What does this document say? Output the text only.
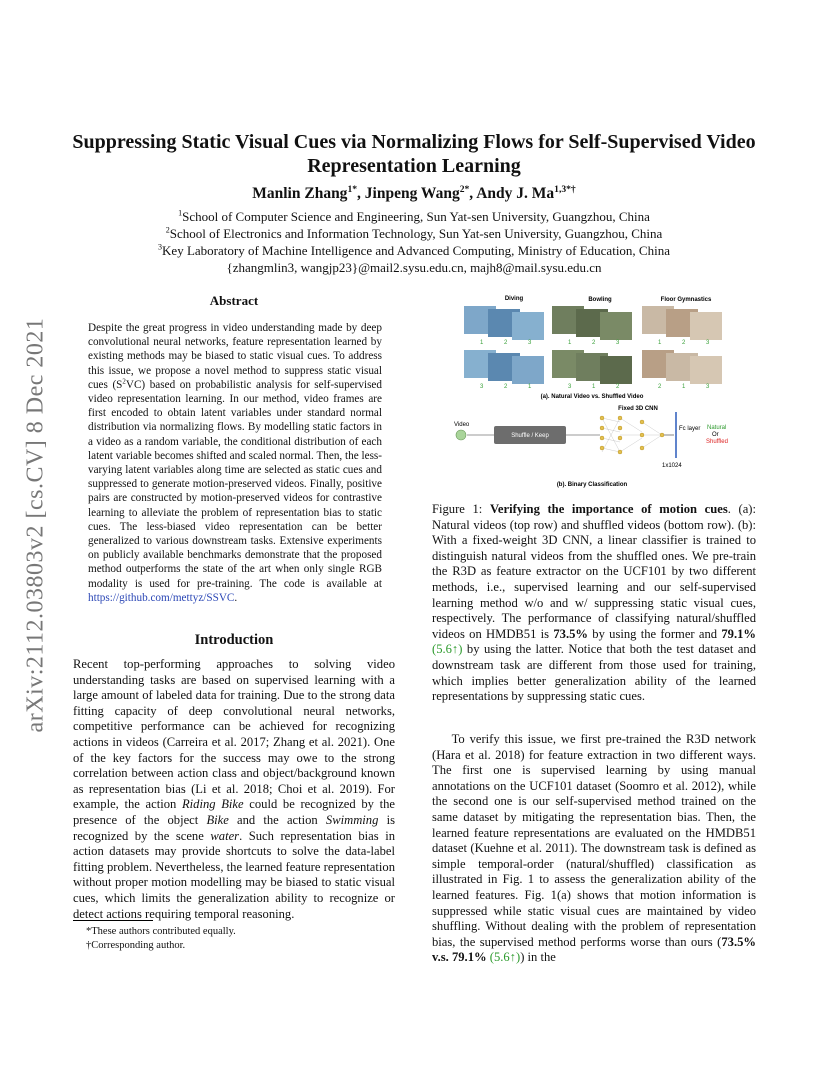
Suppressing Static Visual Cues via Normalizing Flows for Self-Supervised Video Representation Learning
Manlin Zhang$^{1*}$, Jinpeng Wang$^{2*}$, Andy J. $Ma^{1,3*\dagger}$
$^1$School of Computer Science and Engineering, Sun Yat-sen University, Guangzhou, China
$^2$School of Electronics and Information Technology, Sun Yat-sen University, Guangzhou, China
$^3$Key Laboratory of Machine Intelligence and Advanced Computing, Ministry of Education, China
{zhangmlin3, wangjp23}@mail2.sysu.edu.cn, majh8@mail.sysu.edu.cn
arXiv:2112.03803v2 [cs.CV] 8 Dec 2021
Abstract
Despite the great progress in video understanding made by deep convolutional neural networks, feature representation learned by existing methods may be biased to static visual cues. To address this issue, we propose a novel method to suppress static visual cues $(S^2VC)$ based on probabilistic analysis for self-supervised video representation learning. In our method, video frames are first encoded to obtain latent variables under standard normal distribution via normalizing flows. By modelling static factors in a video as a random variable, the conditional distribution of each latent variable becomes shifted and scaled normal. Then, the less-varying latent variables along time are selected as static cues and suppressed to generate motion-preserved videos. Finally, positive pairs are constructed by motion-preserved videos for contrastive learning to alleviate the problem of representation bias to static cues. The less-biased video representation can be better generalized to various downstream tasks. Extensive experiments on publicly available benchmarks demonstrate that the proposed method outperforms the state of the art when only single RGB modality is used for pre-training. The code is available at https://github.com/mettyz/SSVC.
Introduction
Recent top-performing approaches to solving video understanding tasks are based on supervised learning with a large amount of labeled data for training. Due to the strong data fitting capacity of deep convolutional neural networks, competitive performance can be achieved for recognizing actions in videos (Carreira et al. 2017; Zhang et al. 2021). One of the key factors for the success may owe to the strong correlation between action class and object/background known as representation bias (Li et al. 2018; Choi et al. 2019). For example, the action Riding Bike could be recognized by the presence of the object Bike and the action Swimming is recognized by the scene water. Such representation bias in action datasets may provide shortcuts to solve the data-label fitting problem. Nevertheless, the learned feature representation without proper motion modelling may be biased to static visual cues, which limits the generalization ability to recognize or detect actions requiring temporal reasoning.
*These authors contributed equally.
†Corresponding author.
Diving	Bowling	Floor Gymnastics
1	2	3	1	2	3	1	2	3
3	2	1	3	1	2	2	1	3
(a). Natural Video vs. Shuffled Video
Fixed 3D CNN
Video
Shuffle / Keep
Fc layer Natural
Or
Shuffled
1x1024
(b). Binary Classification
Figure 1: Verifying the importance of motion cues. (a): Natural videos (top row) and shuffled videos (bottom row). (b): With a fixed-weight 3D CNN, a linear classifier is trained to distinguish natural videos from the shuffled ones. We pre-train the R3D as feature extractor on the UCF101 by two different methods, i.e., supervised learning and our self-supervised learning method w/o and w/ suppressing static visual cues, respectively. The performance of classifying natural/shuffled videos on HMDB51 is 73.5% by using the former and 79.1% (5.6↑) by using the latter. Notice that both the test dataset and downstream task are different from those used for training, which implies better generalization ability of the learned representations by suppressing static cues.
To verify this issue, we first pre-trained the R3D network (Hara et al. 2018) for feature extraction in two different ways. The first one is supervised learning by using manual annotations on the UCF101 dataset (Soomro et al. 2012), while the second one is our self-supervised method trained on the same dataset by mitigating the representation bias. Then, the learned feature representations are evaluated on the HMDB51 dataset (Kuehne et al. 2011). The downstream task is defined as simple temporal-order (natural/shuffled) classification as illustrated in Fig. 1 to assess the generalization ability of the learned features. Fig. 1(a) shows that motion information is suppressed while static visual cues are maintained by video shuffling. Without dealing with the problem of representation bias, the supervised method performs worse than ours (73.5% v.s. 79.1% (5.6↑)) in the
